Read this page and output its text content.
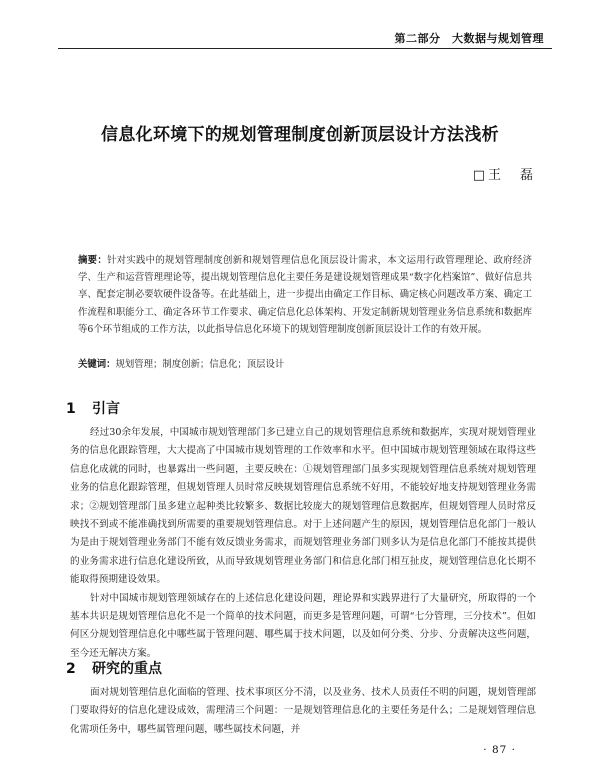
第二部分　大数据与规划管理
信息化环境下的规划管理制度创新顶层设计方法浅析
□王　磊
摘要：针对实践中的规划管理制度创新和规划管理信息化顶层设计需求，本文运用行政管理理论、政府经济学、生产和运营管理理论等，提出规划管理信息化主要任务是建设规划管理成果“数字化档案馆”、做好信息共享、配套定制必要软硬件设备等。在此基础上，进一步提出由确定工作目标、确定核心问题改革方案、确定工作流程和职能分工、确定各环节工作要求、确定信息化总体架构、开发定制新规划管理业务信息系统和数据库等6个环节组成的工作方法，以此指导信息化环境下的规划管理制度创新顶层设计工作的有效开展。
关键词：规划管理；制度创新；信息化；顶层设计
1 引言

经过30余年发展，中国城市规划管理部门多已建立自己的规划管理信息系统和数据库，实现对规划管理业务的信息化跟踪管理，大大提高了中国城市规划管理的工作效率和水平。但中国城市规划管理领域在取得这些信息化成就的同时，也暴露出一些问题，主要反映在：①规划管理部门虽多实现规划管理信息系统对规划管理业务的信息化跟踪管理，但规划管理人员时常反映规划管理信息系统不好用，不能较好地支持规划管理业务需求；②规划管理部门虽多建立起种类比较繁多、数据比较庞大的规划管理信息数据库，但规划管理人员时常反映找不到或不能准确找到所需要的重要规划管理信息。对于上述问题产生的原因，规划管理信息化部门一般认为是由于规划管理业务部门不能有效反馈业务需求，而规划管理业务部门则多认为是信息化部门不能按其提供的业务需求进行信息化建设所致，从而导致规划管理业务部门和信息化部门相互扯皮，规划管理信息化长期不能取得预期建设效果。

针对中国城市规划管理领域存在的上述信息化建设问题，理论界和实践界进行了大量研究，所取得的一个基本共识是规划管理信息化不是一个简单的技术问题，而更多是管理问题，可谓“七分管理，三分技术”。但如何区分规划管理信息化中哪些属于管理问题、哪些属于技术问题，以及如何分类、分步、分责解决这些问题，至今还无解决方案。

2 研究的重点

面对规划管理信息化面临的管理、技术事项区分不清，以及业务、技术人员责任不明的问题，规划管理部门要取得好的信息化建设成效，需理清三个问题：一是规划管理信息化的主要任务是什么；二是规划管理信息化需项任务中，哪些属管理问题，哪些属技术问题，并

· 87 ·
